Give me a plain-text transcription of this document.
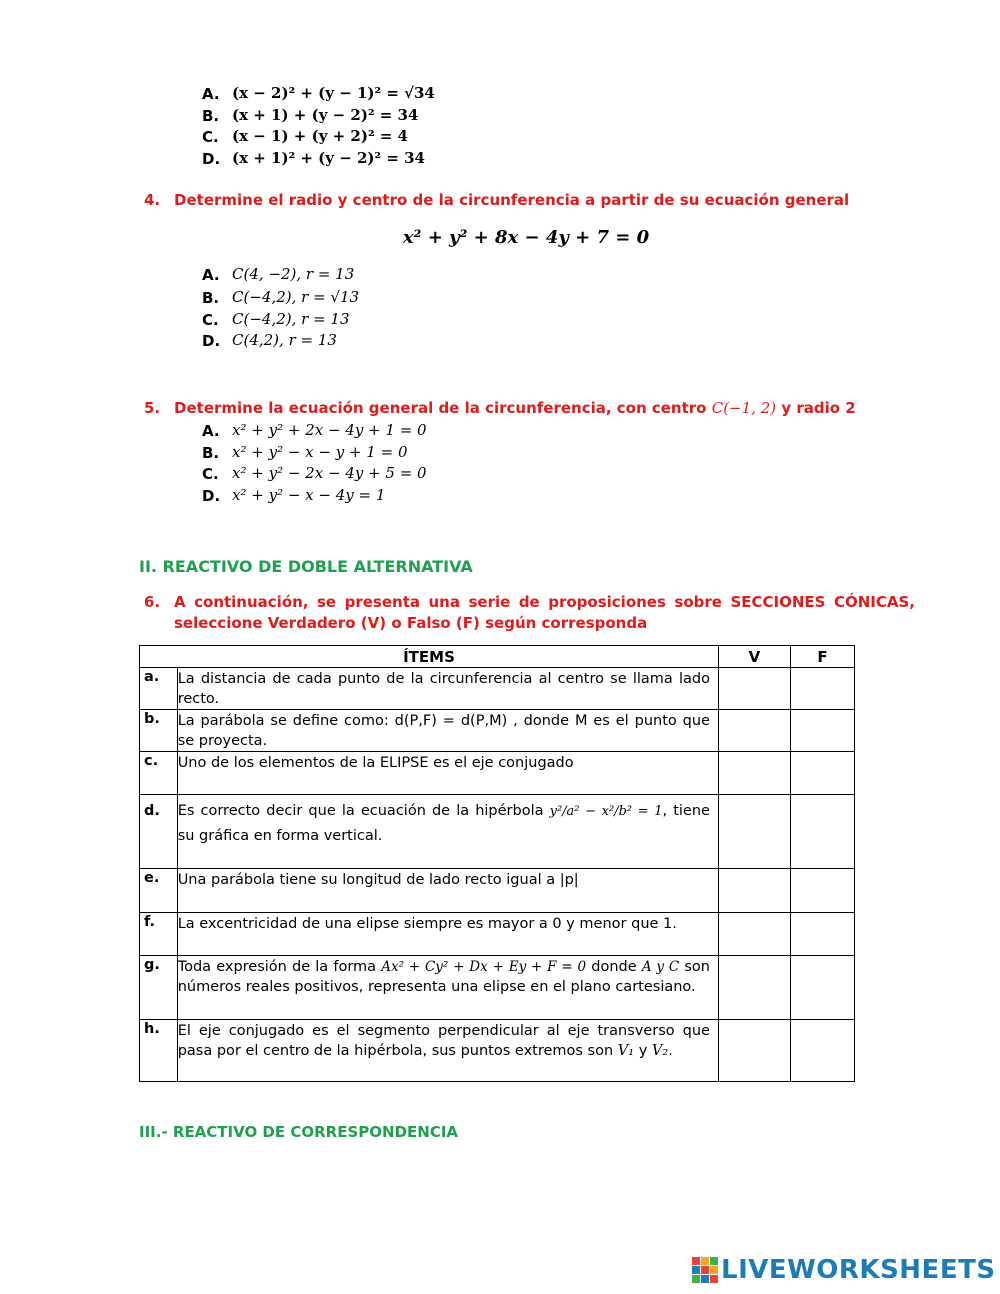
A. (x − 2)² + (y − 1)² = √34
B. (x + 1) + (y − 2)² = 34
C. (x − 1) + (y + 2)² = 4
D. (x + 1)² + (y − 2)² = 34
4. Determine el radio y centro de la circunferencia a partir de su ecuación general
x² + y² + 8x − 4y + 7 = 0
A. C(4, −2), r = 13
B. C(−4,2), r = √13
C. C(−4,2), r = 13
D. C(4,2), r = 13
5. Determine la ecuación general de la circunferencia, con centro C(−1, 2) y radio 2
A. x² + y² + 2x − 4y + 1 = 0
B. x² + y² − x − y + 1 = 0
C. x² + y² − 2x − 4y + 5 = 0
D. x² + y² − x − 4y = 1
II. REACTIVO DE DOBLE ALTERNATIVA
6. A continuación, se presenta una serie de proposiciones sobre SECCIONES CÓNICAS,
seleccione Verdadero (V) o Falso (F) según corresponda
ÍTEMS		V	F
a.	La distancia de cada punto de la circunferencia al centro se llama lado recto.		
b.	La parábola se define como: d(P,F) = d(P,M) , donde M es el punto que se proyecta.		
c.	Uno de los elementos de la ELIPSE es el eje conjugado		
d.	Es correcto decir que la ecuación de la hipérbola y²/a² − x²/b² = 1, tiene su gráfica en forma vertical.		
e.	Una parábola tiene su longitud de lado recto igual a |p|		
f.	La excentricidad de una elipse siempre es mayor a 0 y menor que 1.		
g.	Toda expresión de la forma Ax² + Cy² + Dx + Ey + F = 0 donde A y C son números reales positivos, representa una elipse en el plano cartesiano.		
h.	El eje conjugado es el segmento perpendicular al eje transverso que pasa por el centro de la hipérbola, sus puntos extremos son V₁ y V₂.		
III.- REACTIVO DE CORRESPONDENCIA
LIVEWORKSHEETS
